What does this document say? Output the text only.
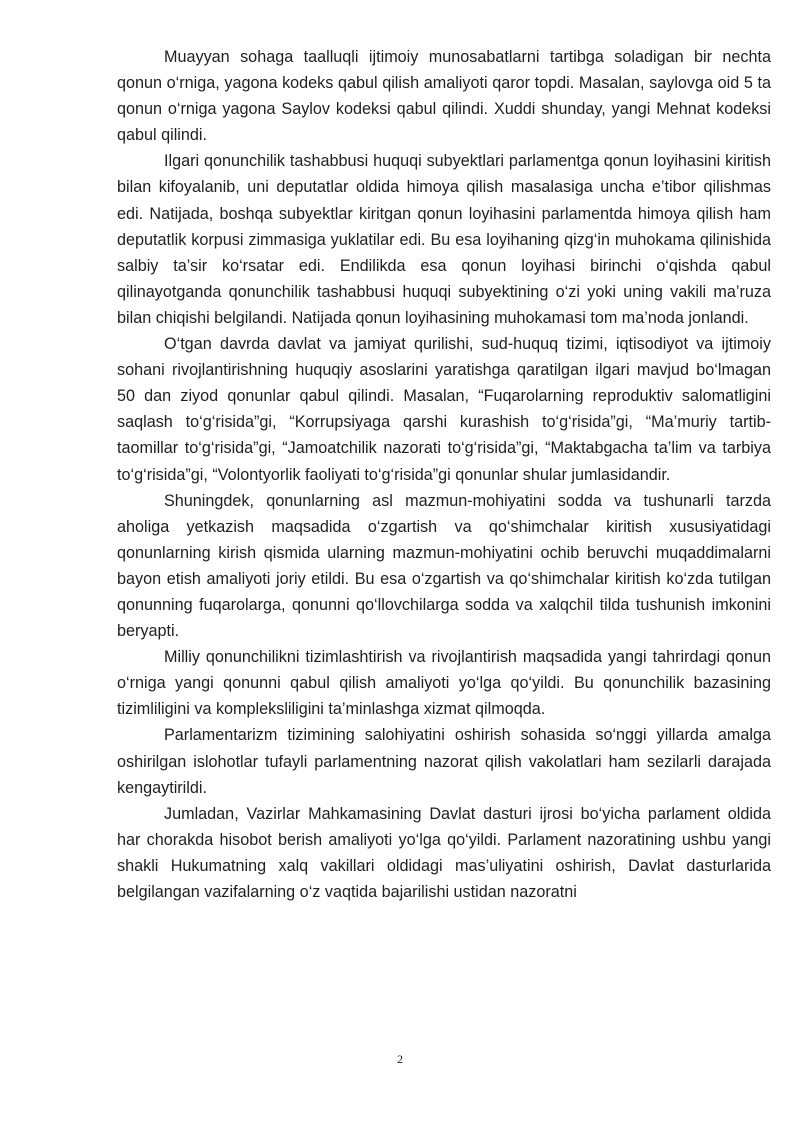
Muayyan sohaga taalluqli ijtimoiy munosabatlarni tartibga soladigan bir nechta qonun o‘rniga, yagona kodeks qabul qilish amaliyoti qaror topdi. Masalan, saylovga oid 5 ta qonun o‘rniga yagona Saylov kodeksi qabul qilindi. Xuddi shunday, yangi Mehnat kodeksi qabul qilindi.

Ilgari qonunchilik tashabbusi huquqi subyektlari parlamentga qonun loyihasini kiritish bilan kifoyalanib, uni deputatlar oldida himoya qilish masalasiga uncha e’tibor qilishmas edi. Natijada, boshqa subyektlar kiritgan qonun loyihasini parlamentda himoya qilish ham deputatlik korpusi zimmasiga yuklatilar edi. Bu esa loyihaning qizg‘in muhokama qilinishida salbiy ta’sir ko‘rsatar edi. Endilikda esa qonun loyihasi birinchi o‘qishda qabul qilinayotganda qonunchilik tashabbusi huquqi subyektining o‘zi yoki uning vakili ma’ruza bilan chiqishi belgilandi. Natijada qonun loyihasining muhokamasi tom ma’noda jonlandi.

O‘tgan davrda davlat va jamiyat qurilishi, sud-huquq tizimi, iqtisodiyot va ijtimoiy sohani rivojlantirishning huquqiy asoslarini yaratishga qaratilgan ilgari mavjud bo‘lmagan 50 dan ziyod qonunlar qabul qilindi. Masalan, “Fuqarolarning reproduktiv salomatligini saqlash to‘g‘risida”gi, “Korrupsiyaga qarshi kurashish to‘g‘risida”gi, “Ma’muriy tartib-taomillar to‘g‘risida”gi, “Jamoatchilik nazorati to‘g‘risida”gi, “Maktabgacha ta’lim va tarbiya to‘g‘risida”gi, “Volontyorlik faoliyati to‘g‘risida”gi qonunlar shular jumlasidandir.

Shuningdek, qonunlarning asl mazmun-mohiyatini sodda va tushunarli tarzda aholiga yetkazish maqsadida o‘zgartish va qo‘shimchalar kiritish xususiyatidagi qonunlarning kirish qismida ularning mazmun-mohiyatini ochib beruvchi muqaddimalarni bayon etish amaliyoti joriy etildi. Bu esa o‘zgartish va qo‘shimchalar kiritish ko‘zda tutilgan qonunning fuqarolarga, qonunni qo‘llovchilarga sodda va xalqchil tilda tushunish imkonini beryapti.

Milliy qonunchilikni tizimlashtirish va rivojlantirish maqsadida yangi tahrirdagi qonun o‘rniga yangi qonunni qabul qilish amaliyoti yo‘lga qo‘yildi. Bu qonunchilik bazasining tizimliligini va kompleksliligini ta’minlashga xizmat qilmoqda.

Parlamentarizm tizimining salohiyatini oshirish sohasida so‘nggi yillarda amalga oshirilgan islohotlar tufayli parlamentning nazorat qilish vakolatlari ham sezilarli darajada kengaytirildi.

Jumladan, Vazirlar Mahkamasining Davlat dasturi ijrosi bo‘yicha parlament oldida har chorakda hisobot berish amaliyoti yo‘lga qo‘yildi. Parlament nazoratining ushbu yangi shakli Hukumatning xalq vakillari oldidagi mas’uliyatini oshirish, Davlat dasturlarida belgilangan vazifalarning o‘z vaqtida bajarilishi ustidan nazoratni

2
